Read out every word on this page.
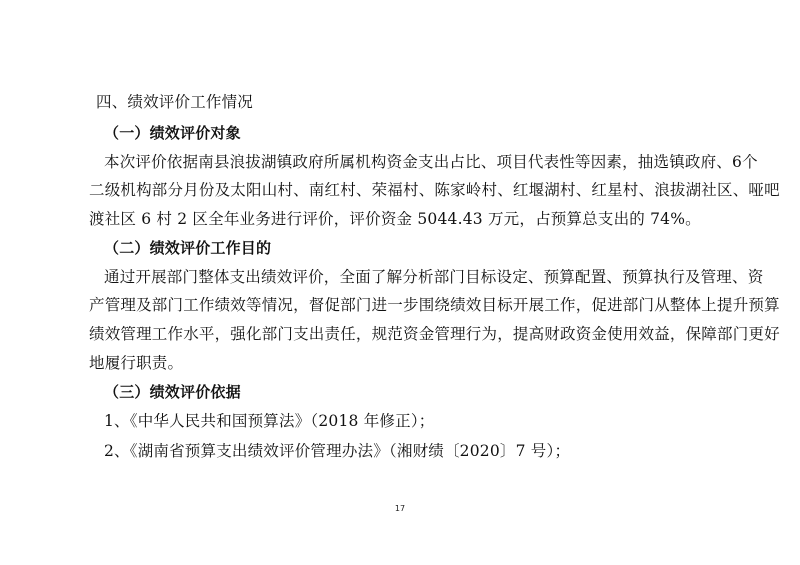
四、绩效评价工作情况
（一）绩效评价对象
本次评价依据南县浪拔湖镇政府所属机构资金支出占比、项目代表性等因素，抽选镇政府、6个
二级机构部分月份及太阳山村、南红村、荣福村、陈家岭村、红堰湖村、红星村、浪拔湖社区、哑吧
渡社区 6 村 2 区全年业务进行评价，评价资金 5044.43 万元，占预算总支出的 74%。
（二）绩效评价工作目的
通过开展部门整体支出绩效评价，全面了解分析部门目标设定、预算配置、预算执行及管理、资
产管理及部门工作绩效等情况，督促部门进一步围绕绩效目标开展工作，促进部门从整体上提升预算
绩效管理工作水平，强化部门支出责任，规范资金管理行为，提高财政资金使用效益，保障部门更好
地履行职责。
（三）绩效评价依据
1、《中华人民共和国预算法》（2018 年修正）；
2、《湖南省预算支出绩效评价管理办法》（湘财绩〔2020〕7 号）；
17
